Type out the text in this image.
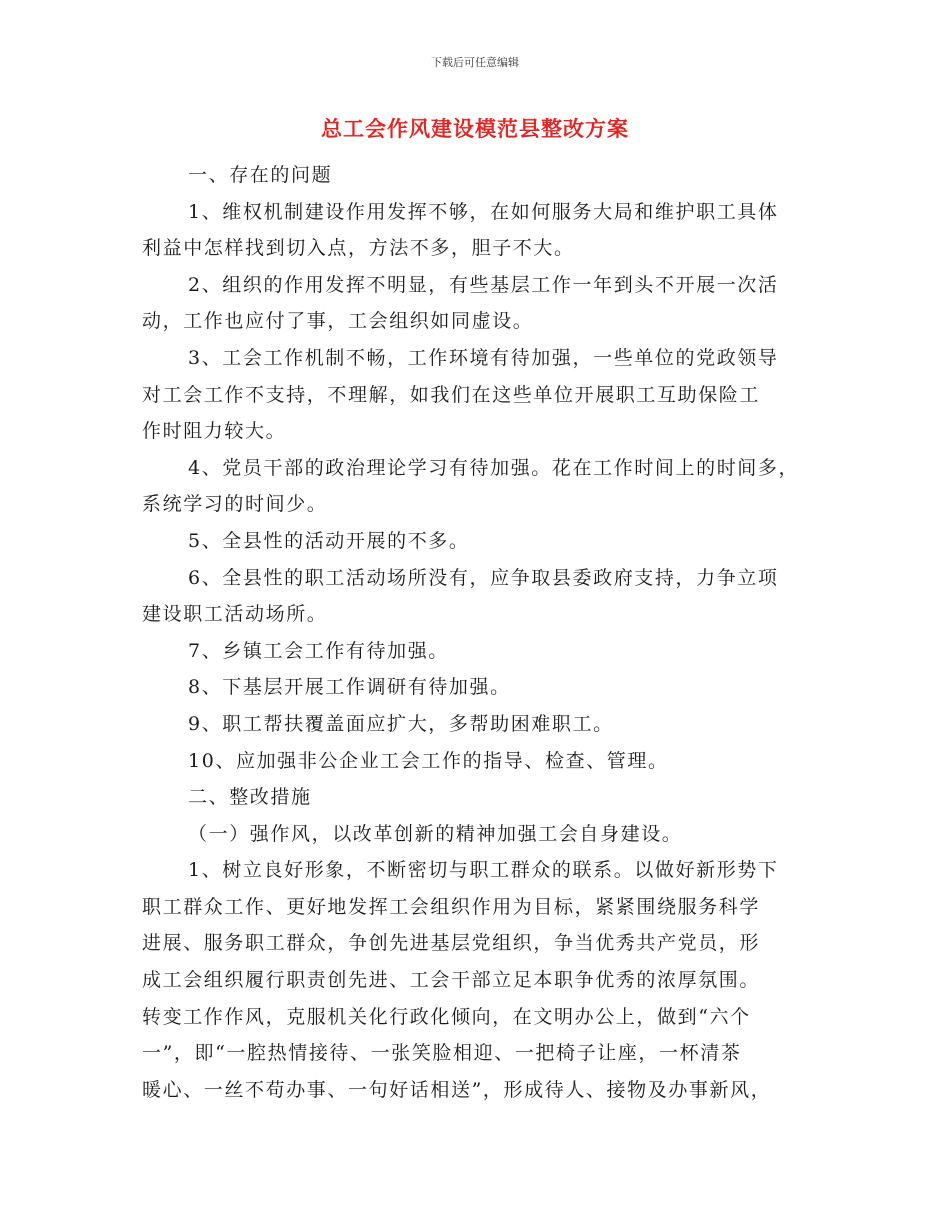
下载后可任意编辑
总工会作风建设模范县整改方案
一、存在的问题
1、维权机制建设作用发挥不够，在如何服务大局和维护职工具体
利益中怎样找到切入点，方法不多，胆子不大。
2、组织的作用发挥不明显，有些基层工作一年到头不开展一次活
动，工作也应付了事，工会组织如同虚设。
3、工会工作机制不畅，工作环境有待加强，一些单位的党政领导
对工会工作不支持，不理解，如我们在这些单位开展职工互助保险工
作时阻力较大。
4、党员干部的政治理论学习有待加强。花在工作时间上的时间多，
系统学习的时间少。
5、全县性的活动开展的不多。
6、全县性的职工活动场所没有，应争取县委政府支持，力争立项
建设职工活动场所。
7、乡镇工会工作有待加强。
8、下基层开展工作调研有待加强。
9、职工帮扶覆盖面应扩大，多帮助困难职工。
10、应加强非公企业工会工作的指导、检查、管理。
二、整改措施
（一）强作风，以改革创新的精神加强工会自身建设。
1、树立良好形象，不断密切与职工群众的联系。以做好新形势下
职工群众工作、更好地发挥工会组织作用为目标，紧紧围绕服务科学
进展、服务职工群众，争创先进基层党组织，争当优秀共产党员，形
成工会组织履行职责创先进、工会干部立足本职争优秀的浓厚氛围。
转变工作作风，克服机关化行政化倾向，在文明办公上，做到“六个
一”，即“一腔热情接待、一张笑脸相迎、一把椅子让座，一杯清茶
暖心、一丝不苟办事、一句好话相送”，形成待人、接物及办事新风，
